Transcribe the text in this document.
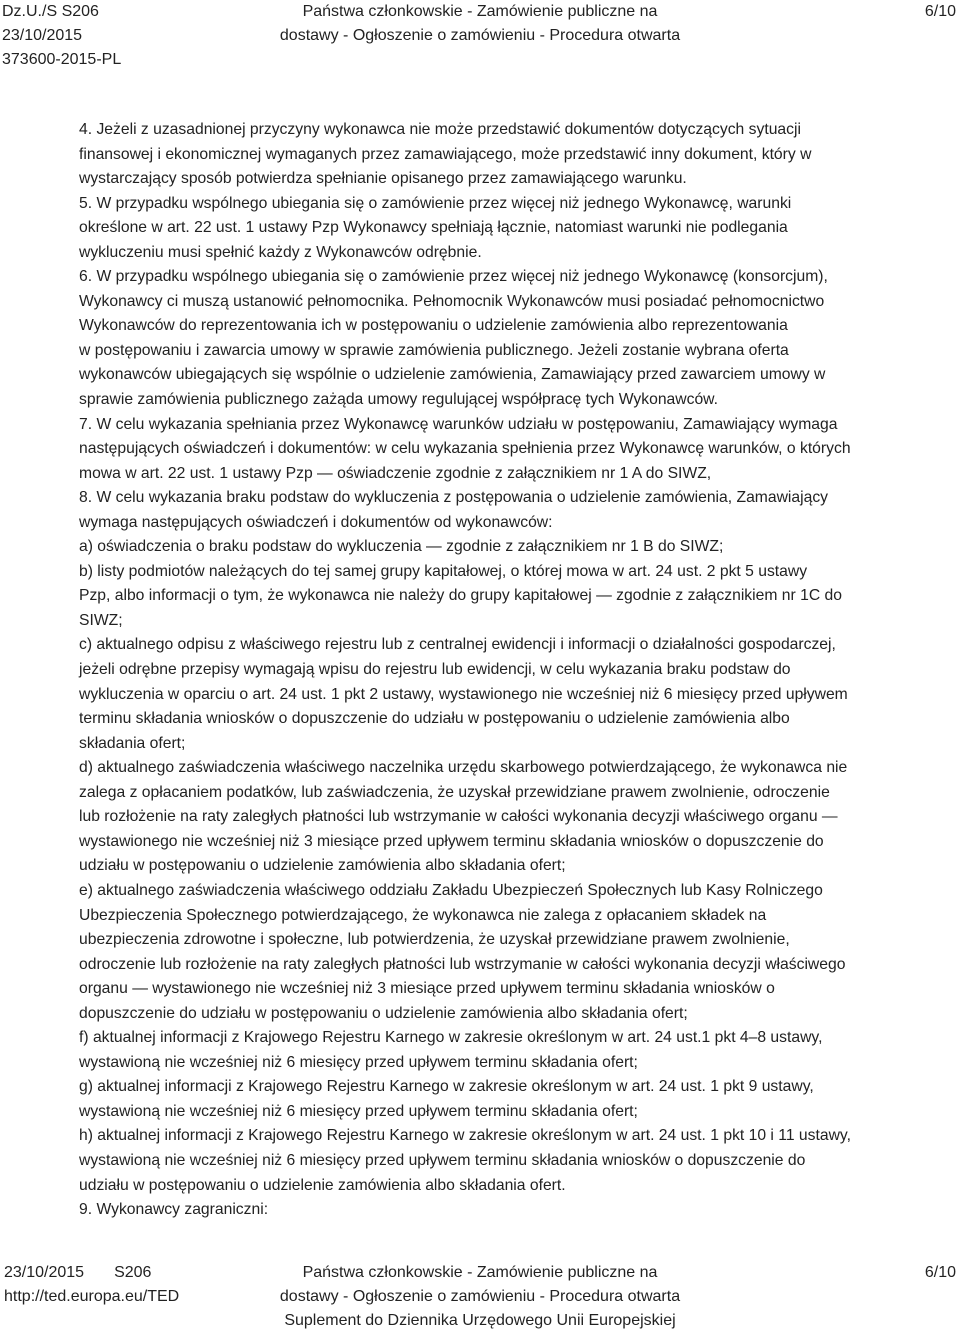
Dz.U./S S206
23/10/2015
373600-2015-PL
Państwa członkowskie - Zamówienie publiczne na
dostawy - Ogłoszenie o zamówieniu - Procedura otwarta
6/10

4. Jeżeli z uzasadnionej przyczyny wykonawca nie może przedstawić dokumentów dotyczących sytuacji

finansowej i ekonomicznej wymaganych przez zamawiającego, może przedstawić inny dokument, który w

wystarczający sposób potwierdza spełnianie opisanego przez zamawiającego warunku.

5. W przypadku wspólnego ubiegania się o zamówienie przez więcej niż jednego Wykonawcę, warunki

określone w art. 22 ust. 1 ustawy Pzp Wykonawcy spełniają łącznie, natomiast warunki nie podlegania

wykluczeniu musi spełnić każdy z Wykonawców odrębnie.

6. W przypadku wspólnego ubiegania się o zamówienie przez więcej niż jednego Wykonawcę (konsorcjum),

Wykonawcy ci muszą ustanowić pełnomocnika. Pełnomocnik Wykonawców musi posiadać pełnomocnictwo

Wykonawców do reprezentowania ich w postępowaniu o udzielenie zamówienia albo reprezentowania

w postępowaniu i zawarcia umowy w sprawie zamówienia publicznego. Jeżeli zostanie wybrana oferta

wykonawców ubiegających się wspólnie o udzielenie zamówienia, Zamawiający przed zawarciem umowy w

sprawie zamówienia publicznego zażąda umowy regulującej współpracę tych Wykonawców.

7. W celu wykazania spełniania przez Wykonawcę warunków udziału w postępowaniu, Zamawiający wymaga

następujących oświadczeń i dokumentów: w celu wykazania spełnienia przez Wykonawcę warunków, o których

mowa w art. 22 ust. 1 ustawy Pzp — oświadczenie zgodnie z załącznikiem nr 1 A do SIWZ,

8. W celu wykazania braku podstaw do wykluczenia z postępowania o udzielenie zamówienia, Zamawiający

wymaga następujących oświadczeń i dokumentów od wykonawców:

a) oświadczenia o braku podstaw do wykluczenia — zgodnie z załącznikiem nr 1 B do SIWZ;

b) listy podmiotów należących do tej samej grupy kapitałowej, o której mowa w art. 24 ust. 2 pkt 5 ustawy

Pzp, albo informacji o tym, że wykonawca nie należy do grupy kapitałowej — zgodnie z załącznikiem nr 1C do

SIWZ;

c) aktualnego odpisu z właściwego rejestru lub z centralnej ewidencji i informacji o działalności gospodarczej,

jeżeli odrębne przepisy wymagają wpisu do rejestru lub ewidencji, w celu wykazania braku podstaw do

wykluczenia w oparciu o art. 24 ust. 1 pkt 2 ustawy, wystawionego nie wcześniej niż 6 miesięcy przed upływem

terminu składania wniosków o dopuszczenie do udziału w postępowaniu o udzielenie zamówienia albo

składania ofert;

d) aktualnego zaświadczenia właściwego naczelnika urzędu skarbowego potwierdzającego, że wykonawca nie

zalega z opłacaniem podatków, lub zaświadczenia, że uzyskał przewidziane prawem zwolnienie, odroczenie

lub rozłożenie na raty zaległych płatności lub wstrzymanie w całości wykonania decyzji właściwego organu —

wystawionego nie wcześniej niż 3 miesiące przed upływem terminu składania wniosków o dopuszczenie do

udziału w postępowaniu o udzielenie zamówienia albo składania ofert;

e) aktualnego zaświadczenia właściwego oddziału Zakładu Ubezpieczeń Społecznych lub Kasy Rolniczego

Ubezpieczenia Społecznego potwierdzającego, że wykonawca nie zalega z opłacaniem składek na

ubezpieczenia zdrowotne i społeczne, lub potwierdzenia, że uzyskał przewidziane prawem zwolnienie,

odroczenie lub rozłożenie na raty zaległych płatności lub wstrzymanie w całości wykonania decyzji właściwego

organu — wystawionego nie wcześniej niż 3 miesiące przed upływem terminu składania wniosków o

dopuszczenie do udziału w postępowaniu o udzielenie zamówienia albo składania ofert;

f) aktualnej informacji z Krajowego Rejestru Karnego w zakresie określonym w art. 24 ust.1 pkt 4–8 ustawy,

wystawioną nie wcześniej niż 6 miesięcy przed upływem terminu składania ofert;

g) aktualnej informacji z Krajowego Rejestru Karnego w zakresie określonym w art. 24 ust. 1 pkt 9 ustawy,

wystawioną nie wcześniej niż 6 miesięcy przed upływem terminu składania ofert;

h) aktualnej informacji z Krajowego Rejestru Karnego w zakresie określonym w art. 24 ust. 1 pkt 10 i 11 ustawy,

wystawioną nie wcześniej niż 6 miesięcy przed upływem terminu składania wniosków o dopuszczenie do

udziału w postępowaniu o udzielenie zamówienia albo składania ofert.

9. Wykonawcy zagraniczni:

23/10/2015 S206
http://ted.europa.eu/TED
Państwa członkowskie - Zamówienie publiczne na
dostawy - Ogłoszenie o zamówieniu - Procedura otwarta
Suplement do Dziennika Urzędowego Unii Europejskiej
6/10
